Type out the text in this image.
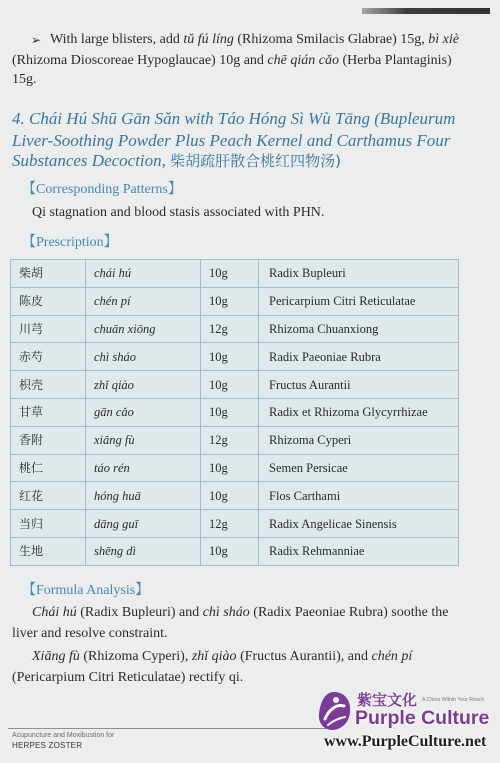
➢ With large blisters, add tǔ fú líng (Rhizoma Smilacis Glabrae) 15g, bì xiè
(Rhizoma Dioscoreae Hypoglaucae) 10g and chē qián cǎo (Herba Plantaginis)
15g.
4. Chái Hú Shū Gān Sǎn with Táo Hóng Sì Wù Tāng (Bupleurum
Liver-Soothing Powder Plus Peach Kernel and Carthamus Four
Substances Decoction, 柴胡疏肝散合桃红四物汤)
【Corresponding Patterns】
Qi stagnation and blood stasis associated with PHN.
【Prescription】
柴胡	chái hú	10g	Radix Bupleuri
陈皮	chén pí	10g	Pericarpium Citri Reticulatae
川芎	chuān xiōng	12g	Rhizoma Chuanxiong
赤芍	chì sháo	10g	Radix Paeoniae Rubra
枳壳	zhǐ qiào	10g	Fructus Aurantii
甘草	gān cǎo	10g	Radix et Rhizoma Glycyrrhizae
香附	xiāng fù	12g	Rhizoma Cyperi
桃仁	táo rén	10g	Semen Persicae
红花	hóng huā	10g	Flos Carthami
当归	dāng guī	12g	Radix Angelicae Sinensis
生地	shēng dì	10g	Radix Rehmanniae
【Formula Analysis】
Chái hú (Radix Bupleuri) and chì sháo (Radix Paeoniae Rubra) soothe the
liver and resolve constraint.
Xiāng fù (Rhizoma Cyperi), zhǐ qiào (Fructus Aurantii), and chén pí
(Pericarpium Citri Reticulatae) rectify qi.
Acupuncture and Moxibustion for
HERPES ZOSTER
紫宝文化 A China Within Your Reach
Purple Culture
www.PurpleCulture.net
